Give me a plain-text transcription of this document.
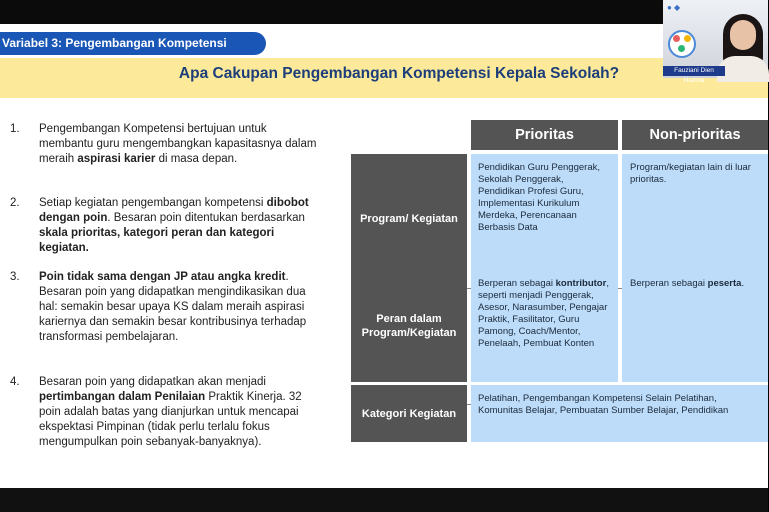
Variabel 3: Pengembangan Kompetensi
Apa Cakupan Pengembangan Kompetensi Kepala Sekolah?
1. Pengembangan Kompetensi bertujuan untuk membantu guru mengembangkan kapasitasnya dalam meraih aspirasi karier di masa depan.
2. Setiap kegiatan pengembangan kompetensi dibobot dengan poin. Besaran poin ditentukan berdasarkan skala prioritas, kategori peran dan kategori kegiatan.
3. Poin tidak sama dengan JP atau angka kredit. Besaran poin yang didapatkan mengindikasikan dua hal: semakin besar upaya KS dalam meraih aspirasi kariernya dan semakin besar kontribusinya terhadap transformasi pembelajaran.
4. Besaran poin yang didapatkan akan menjadi pertimbangan dalam Penilaian Praktik Kinerja. 32 poin adalah batas yang dianjurkan untuk mencapai ekspektasi Pimpinan (tidak perlu terlalu fokus mengumpulkan poin sebanyak-banyaknya).
Prioritas	Non-prioritas
Program/ Kegiatan
Pendidikan Guru Penggerak, Sekolah Penggerak, Pendidikan Profesi Guru, Implementasi Kurikulum Merdeka, Perencanaan Berbasis Data
Program/kegiatan lain di luar prioritas.
Peran dalam Program/Kegiatan
Berperan sebagai kontributor, seperti menjadi Penggerak, Asesor, Narasumber, Pengajar Praktik, Fasilitator, Guru Pamong, Coach/Mentor, Penelaah, Pembuat Konten
Berperan sebagai peserta.
Kategori Kegiatan
Pelatihan, Pengembangan Kompetensi Selain Pelatihan, Komunitas Belajar, Pembuatan Sumber Belajar, Pendidikan
● ◆
Fauziani Dien Nazma
